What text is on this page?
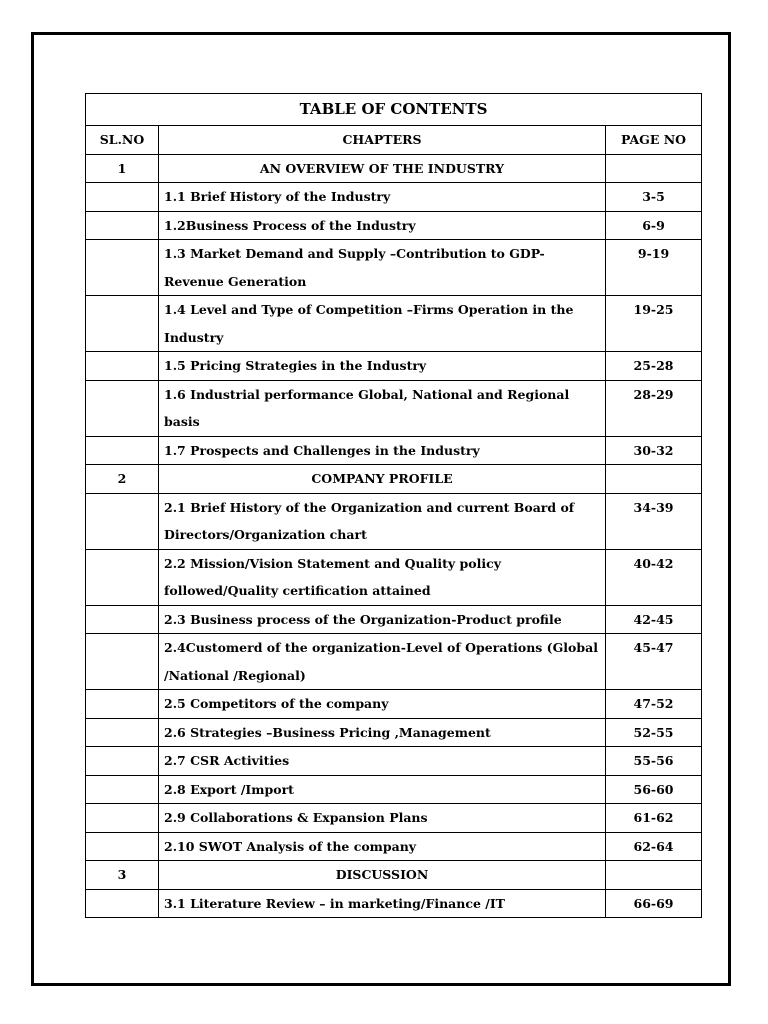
TABLE OF CONTENTS		
SL.NO	CHAPTERS	PAGE NO
1	AN OVERVIEW OF THE INDUSTRY	
	1.1 Brief History of the Industry	3-5
	1.2Business Process of the Industry	6-9
	1.3 Market Demand and Supply –Contribution to GDP-Revenue Generation	9-19
	1.4 Level and Type of Competition –Firms Operation in the Industry	19-25
	1.5 Pricing Strategies in the Industry	25-28
	1.6 Industrial performance Global, National and Regional basis	28-29
	1.7 Prospects and Challenges in the Industry	30-32
2	COMPANY PROFILE	
	2.1 Brief History of the Organization and current Board of Directors/Organization chart	34-39
	2.2 Mission/Vision Statement and Quality policy followed/Quality certification attained	40-42
	2.3 Business process of the Organization-Product profile	42-45
	2.4Customerd of the organization-Level of Operations (Global /National /Regional)	45-47
	2.5 Competitors of the company	47-52
	2.6 Strategies –Business Pricing ,Management	52-55
	2.7 CSR Activities	55-56
	2.8 Export /Import	56-60
	2.9 Collaborations & Expansion Plans	61-62
	2.10 SWOT Analysis of the company	62-64
3	DISCUSSION	
	3.1 Literature Review – in marketing/Finance /IT	66-69
